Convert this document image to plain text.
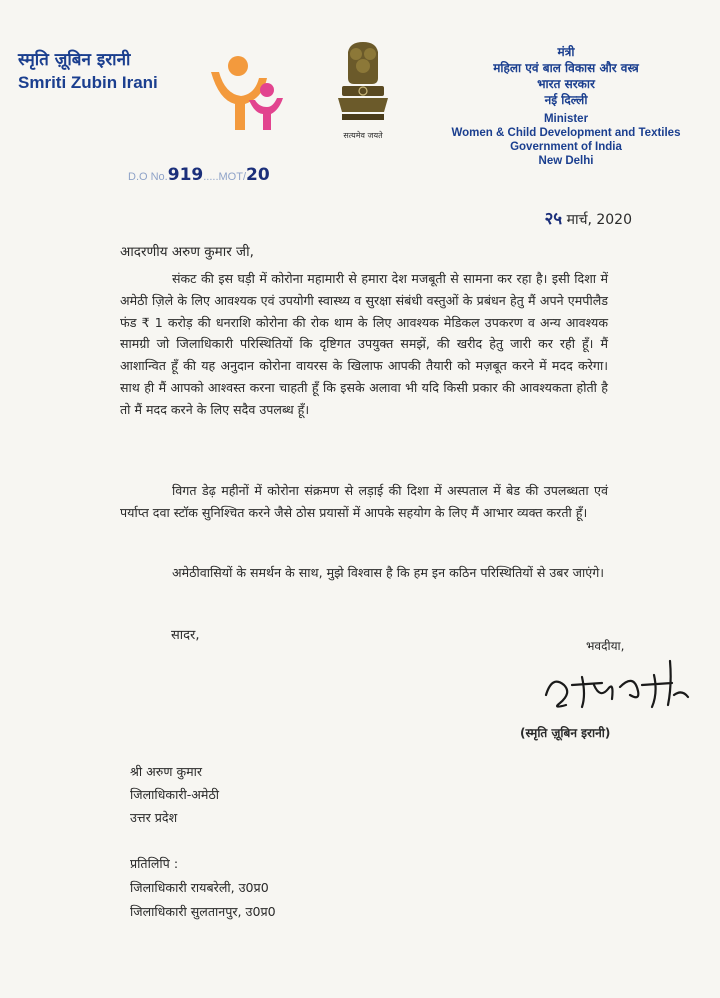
स्मृति ज़ूबिन इरानी
Smriti Zubin Irani
सत्यमेव जयते
मंत्री
महिला एवं बाल विकास और वस्त्र
भारत सरकार
नई दिल्ली
Minister
Women & Child Development and Textiles
Government of India
New Delhi
D.O No.919.....MOT/20
२५ मार्च, 2020
आदरणीय अरुण कुमार जी,
संकट की इस घड़ी में कोरोना महामारी से हमारा देश मजबूती से सामना कर रहा है। इसी दिशा में अमेठी ज़िले के लिए आवश्यक एवं उपयोगी स्वास्थ्य व सुरक्षा संबंधी वस्तुओं के प्रबंधन हेतु मैं अपने एमपीलैड फंड ₹ 1 करोड़ की धनराशि कोरोना की रोक थाम के लिए आवश्यक मेडिकल उपकरण व अन्य आवश्यक सामग्री जो जिलाधिकारी परिस्थितियों कि दृष्टिगत उपयुक्त समझें, की खरीद हेतु जारी कर रही हूँ। मैं आशान्वित हूँ की यह अनुदान कोरोना वायरस के खिलाफ आपकी तैयारी को मज़बूत करने में मदद करेगा। साथ ही मैं आपको आश्वस्त करना चाहती हूँ कि इसके अलावा भी यदि किसी प्रकार की आवश्यकता होती है तो मैं मदद करने के लिए सदैव उपलब्ध हूँ।
विगत डेढ़ महीनों में कोरोना संक्रमण से लड़ाई की दिशा में अस्पताल में बेड की उपलब्धता एवं पर्याप्त दवा स्टॉक सुनिश्चित करने जैसे ठोस प्रयासों में आपके सहयोग के लिए मैं आभार व्यक्त करती हूँ।
अमेठीवासियों के समर्थन के साथ, मुझे विश्वास है कि हम इन कठिन परिस्थितियों से उबर जाएंगे।
सादर,
भवदीया,
(स्मृति ज़ूबिन इरानी)
श्री अरुण कुमार
जिलाधिकारी-अमेठी
उत्तर प्रदेश
प्रतिलिपि :
जिलाधिकारी रायबरेली, उ0प्र0
जिलाधिकारी सुलतानपुर, उ0प्र0
